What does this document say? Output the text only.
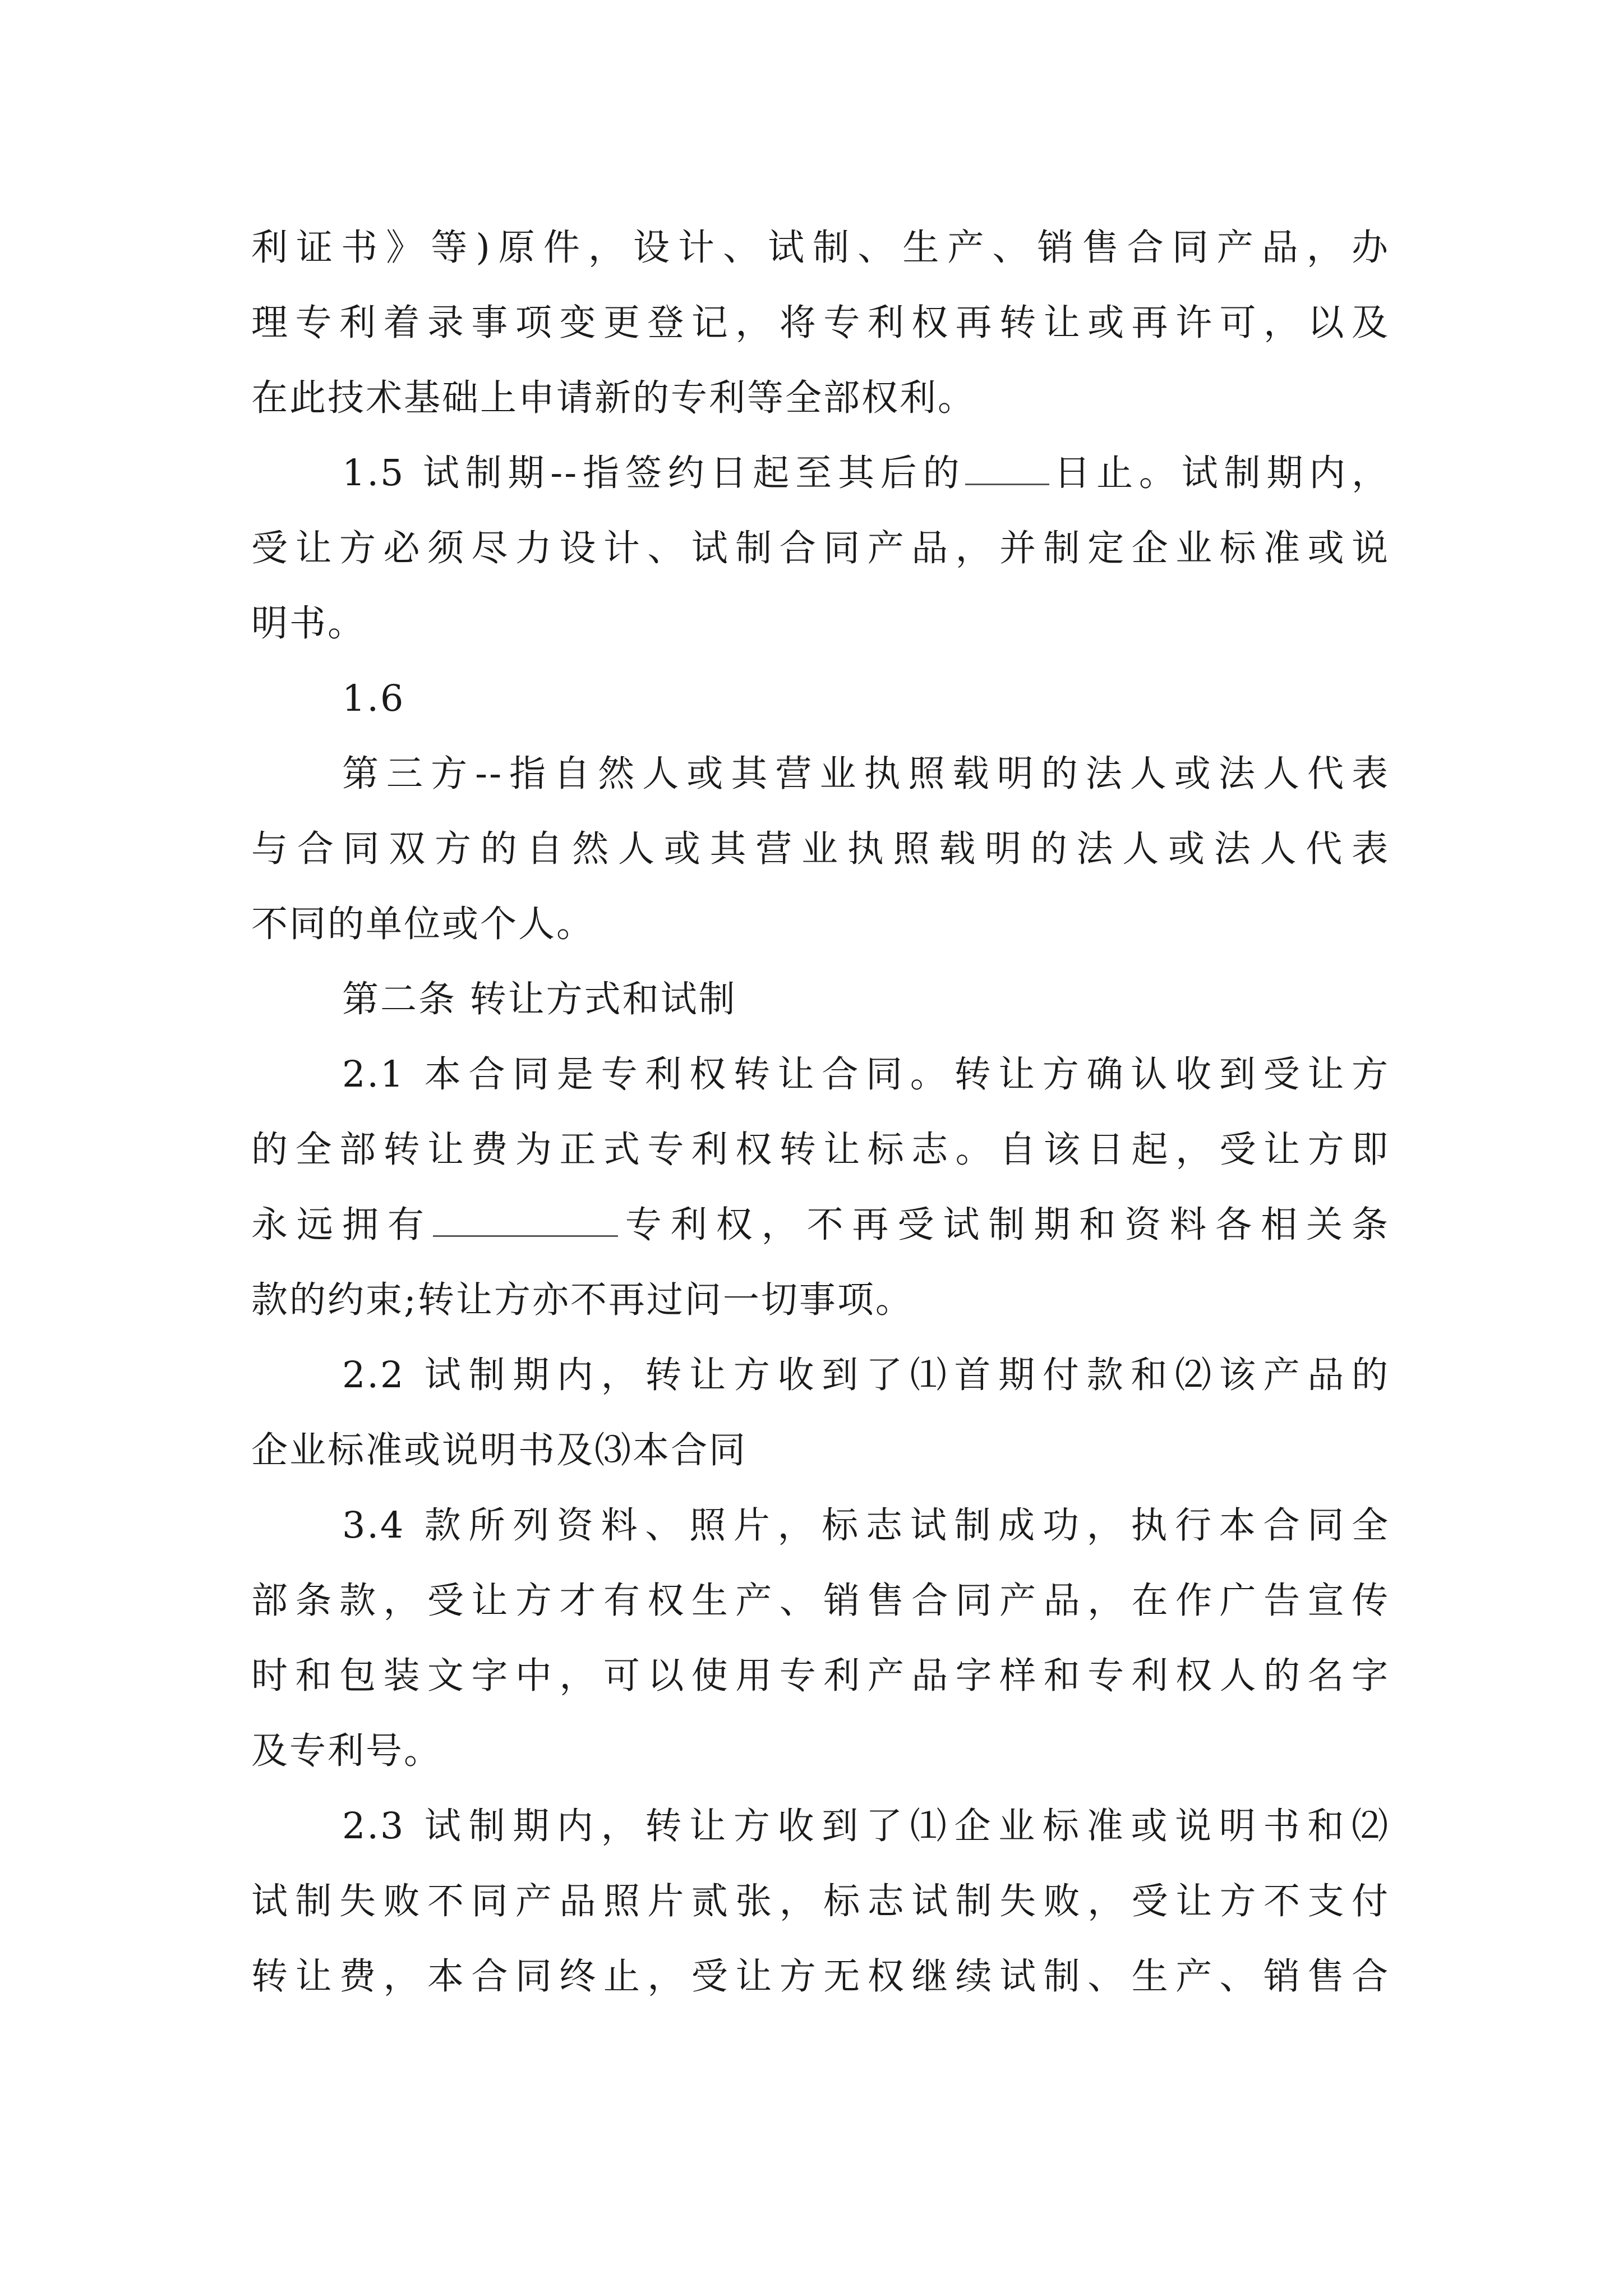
利证书》等)原件，设计、试制、生产、销售合同产品，办
理专利着录事项变更登记，将专利权再转让或再许可，以及
在此技术基础上申请新的专利等全部权利。
1.5 试制期--指签约日起至其后的 日止。试制期内，
受让方必须尽力设计、试制合同产品，并制定企业标准或说
明书。
1.6
第三方--指自然人或其营业执照载明的法人或法人代表
与合同双方的自然人或其营业执照载明的法人或法人代表
不同的单位或个人。
第二条 转让方式和试制
2.1 本合同是专利权转让合同。转让方确认收到受让方
的全部转让费为正式专利权转让标志。自该日起，受让方即
永远拥有	专利权，不再受试制期和资料各相关条
款的约束;转让方亦不再过问一切事项。
2.2 试制期内，转让方收到了⑴首期付款和⑵该产品的
企业标准或说明书及⑶本合同
3.4 款所列资料、照片，标志试制成功，执行本合同全
部条款，受让方才有权生产、销售合同产品，在作广告宣传
时和包装文字中，可以使用专利产品字样和专利权人的名字
及专利号。
2.3 试制期内，转让方收到了⑴企业标准或说明书和⑵
试制失败不同产品照片贰张，标志试制失败，受让方不支付
转让费，本合同终止，受让方无权继续试制、生产、销售合
